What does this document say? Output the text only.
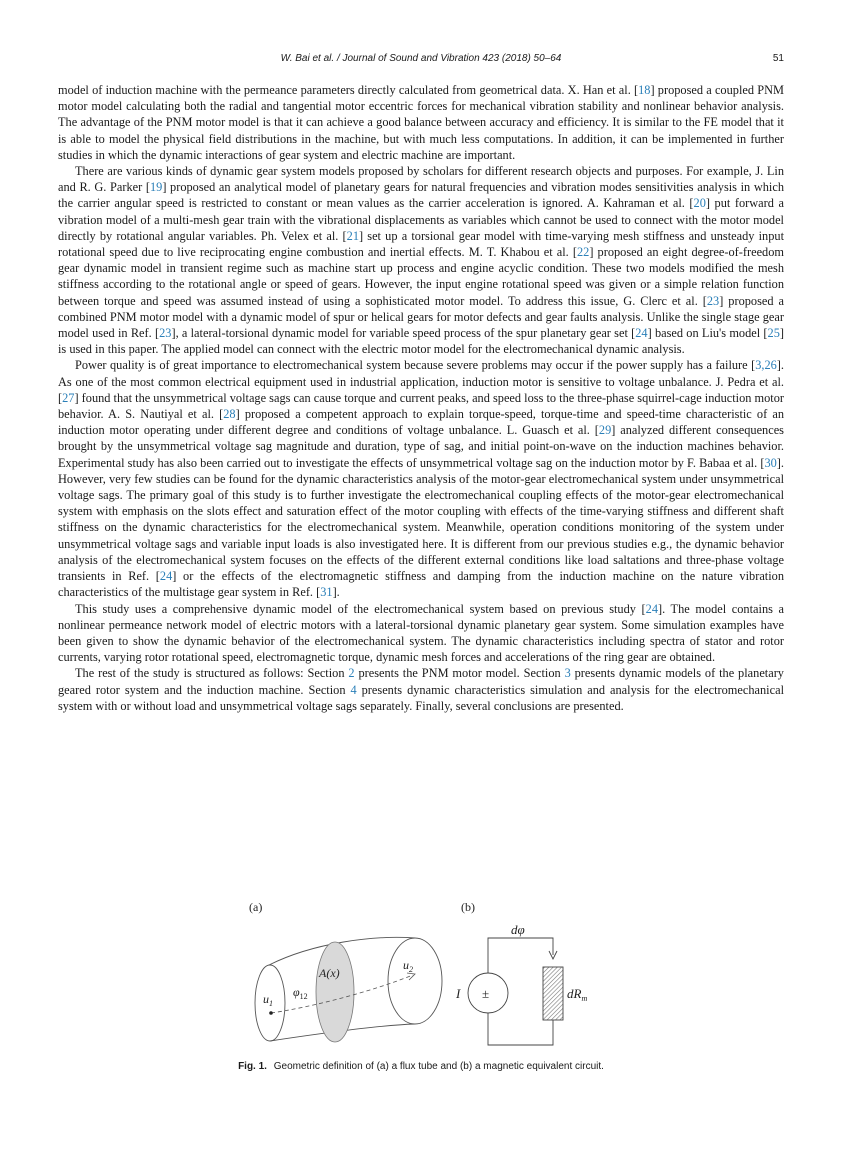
W. Bai et al. / Journal of Sound and Vibration 423 (2018) 50–64	51

model of induction machine with the permeance parameters directly calculated from geometrical data. X. Han et al. [18] proposed a coupled PNM motor model calculating both the radial and tangential motor eccentric forces for mechanical vibration stability and nonlinear behavior analysis. The advantage of the PNM motor model is that it can achieve a good balance between accuracy and efficiency. It is similar to the FE model that it is able to model the physical field distributions in the machine, but with much less computations. In addition, it can be implemented in further studies in which the dynamic interactions of gear system and electric machine are important.

There are various kinds of dynamic gear system models proposed by scholars for different research objects and purposes. For example, J. Lin and R. G. Parker [19] proposed an analytical model of planetary gears for natural frequencies and vibration modes sensitivities analysis in which the carrier angular speed is restricted to constant or mean values as the carrier acceleration is ignored. A. Kahraman et al. [20] put forward a vibration model of a multi-mesh gear train with the vibrational displacements as variables which cannot be used to connect with the motor model directly by rotational angular variables. Ph. Velex et al. [21] set up a torsional gear model with time-varying mesh stiffness and unsteady input rotational speed due to live reciprocating engine combustion and inertial effects. M. T. Khabou et al. [22] proposed an eight degree-of-freedom gear dynamic model in transient regime such as machine start up process and engine acyclic condition. These two models modified the mesh stiffness according to the rotational angle or speed of gears. However, the input engine rotational speed was given or a simple relation function between torque and speed was assumed instead of using a sophisticated motor model. To address this issue, G. Clerc et al. [23] proposed a combined PNM motor model with a dynamic model of spur or helical gears for motor defects and gear faults analysis. Unlike the single stage gear model used in Ref. [23], a lateral-torsional dynamic model for variable speed process of the spur planetary gear set [24] based on Liu's model [25] is used in this paper. The applied model can connect with the electric motor model for the electromechanical dynamic analysis.

Power quality is of great importance to electromechanical system because severe problems may occur if the power supply has a failure [3,26]. As one of the most common electrical equipment used in industrial application, induction motor is sensitive to voltage unbalance. J. Pedra et al. [27] found that the unsymmetrical voltage sags can cause torque and current peaks, and speed loss to the three-phase squirrel-cage induction motor behavior. A. S. Nautiyal et al. [28] proposed a competent approach to explain torque-speed, torque-time and speed-time characteristic of an induction motor operating under different degree and conditions of voltage unbalance. L. Guasch et al. [29] analyzed different consequences brought by the unsymmetrical voltage sag magnitude and duration, type of sag, and initial point-on-wave on the induction machines behavior. Experimental study has also been carried out to investigate the effects of unsymmetrical voltage sag on the induction motor by F. Babaa et al. [30]. However, very few studies can be found for the dynamic characteristics analysis of the motor-gear electromechanical system under unsymmetrical voltage sags. The primary goal of this study is to further investigate the electromechanical coupling effects of the motor-gear electromechanical system with emphasis on the slots effect and saturation effect of the motor coupling with effects of the time-varying stiffness and different shaft stiffness on the dynamic characteristics for the electromechanical system. Meanwhile, operation conditions monitoring of the system under unsymmetrical voltage sags and variable input loads is also investigated here. It is different from our previous studies e.g., the dynamic behavior analysis of the electromechanical system focuses on the effects of the different external conditions like load saltations and three-phase voltage transients in Ref. [24] or the effects of the electromagnetic stiffness and damping from the induction machine on the nature vibration characteristics of the multistage gear system in Ref. [31].

This study uses a comprehensive dynamic model of the electromechanical system based on previous study [24]. The model contains a nonlinear permeance network model of electric motors with a lateral-torsional dynamic planetary gear system. Some simulation examples have been given to show the dynamic behavior of the electromechanical system. The dynamic characteristics including spectra of stator and rotor currents, varying rotor rotational speed, electromagnetic torque, dynamic mesh forces and accelerations of the ring gear are obtained.

The rest of the study is structured as follows: Section 2 presents the PNM motor model. Section 3 presents dynamic models of the planetary geared rotor system and the induction machine. Section 4 presents dynamic characteristics simulation and analysis for the electromechanical system with or without load and unsymmetrical voltage sags separately. Finally, several conclusions are presented.

(a)
$u_1$
$\varphi_{12}$
A(x)
$u_2$
(b)
±
dφ
I	$dR_m$
Fig. 1. Geometric definition of (a) a flux tube and (b) a magnetic equivalent circuit.
